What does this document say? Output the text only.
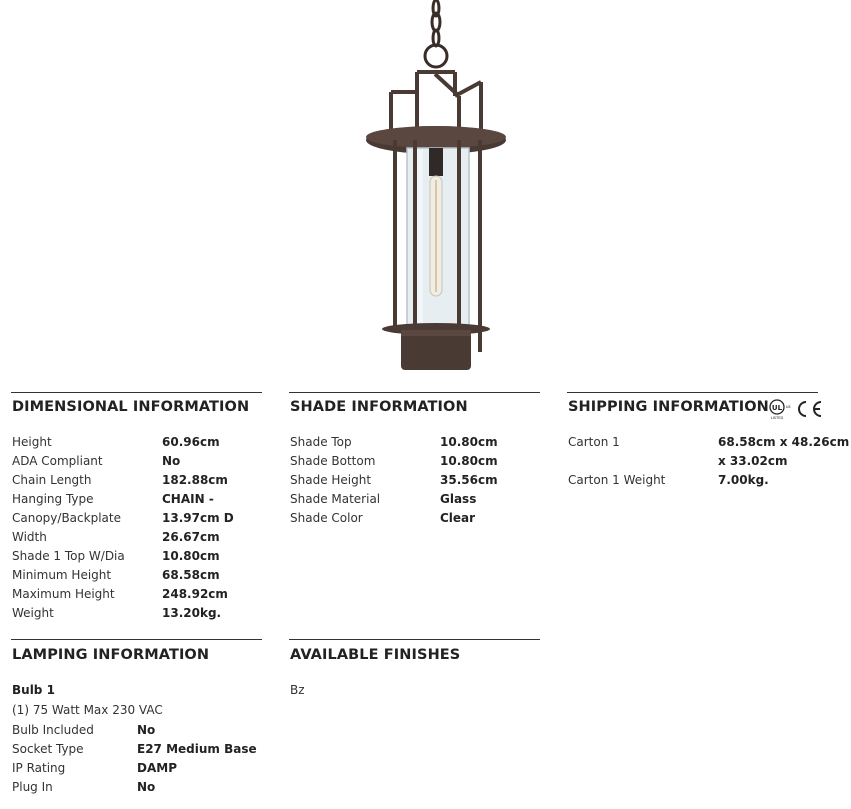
DIMENSIONAL INFORMATION
Height	60.96cm
ADA Compliant	No
Chain Length	182.88cm
Hanging Type	CHAIN -
Canopy/Backplate	13.97cm D
Width	26.67cm
Shade 1 Top W/Dia	10.80cm
Minimum Height	68.58cm
Maximum Height	248.92cm
Weight	13.20kg.
SHADE INFORMATION
Shade Top	10.80cm
Shade Bottom	10.80cm
Shade Height	35.56cm
Shade Material	Glass
Shade Color	Clear
SHIPPING INFORMATION UL us
LISTED
Carton 1	68.58cm x 48.26cm
x 33.02cm
Carton 1 Weight	7.00kg.
LAMPING INFORMATION
Bulb 1
(1) 75 Watt Max 230 VAC
Bulb Included	No
Socket Type	E27 Medium Base
IP Rating	DAMP
Plug In	No
AVAILABLE FINISHES
Bz
